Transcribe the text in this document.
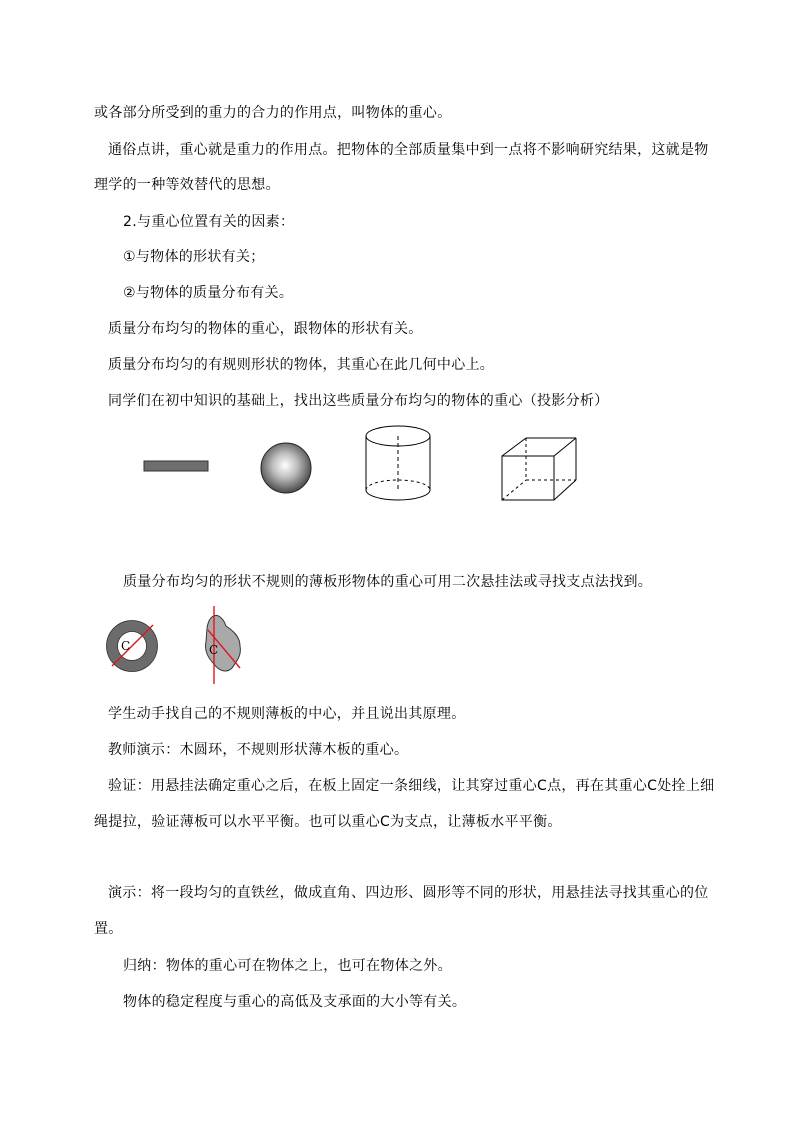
或各部分所受到的重力的合力的作用点，叫物体的重心。
通俗点讲，重心就是重力的作用点。把物体的全部质量集中到一点将不影响研究结果，这就是物
理学的一种等效替代的思想。
2.与重心位置有关的因素：
①与物体的形状有关；
②与物体的质量分布有关。
质量分布均匀的物体的重心，跟物体的形状有关。
质量分布均匀的有规则形状的物体，其重心在此几何中心上。
同学们在初中知识的基础上，找出这些质量分布均匀的物体的重心（投影分析）
质量分布均匀的形状不规则的薄板形物体的重心可用二次悬挂法或寻找支点法找到。
C	C
学生动手找自己的不规则薄板的中心，并且说出其原理。
教师演示：木圆环，不规则形状薄木板的重心。
验证：用悬挂法确定重心之后，在板上固定一条细线，让其穿过重心C点，再在其重心C处拴上细
绳提拉，验证薄板可以水平平衡。也可以重心C为支点，让薄板水平平衡。
演示：将一段均匀的直铁丝，做成直角、四边形、圆形等不同的形状，用悬挂法寻找其重心的位
置。
归纳：物体的重心可在物体之上，也可在物体之外。
物体的稳定程度与重心的高低及支承面的大小等有关。
